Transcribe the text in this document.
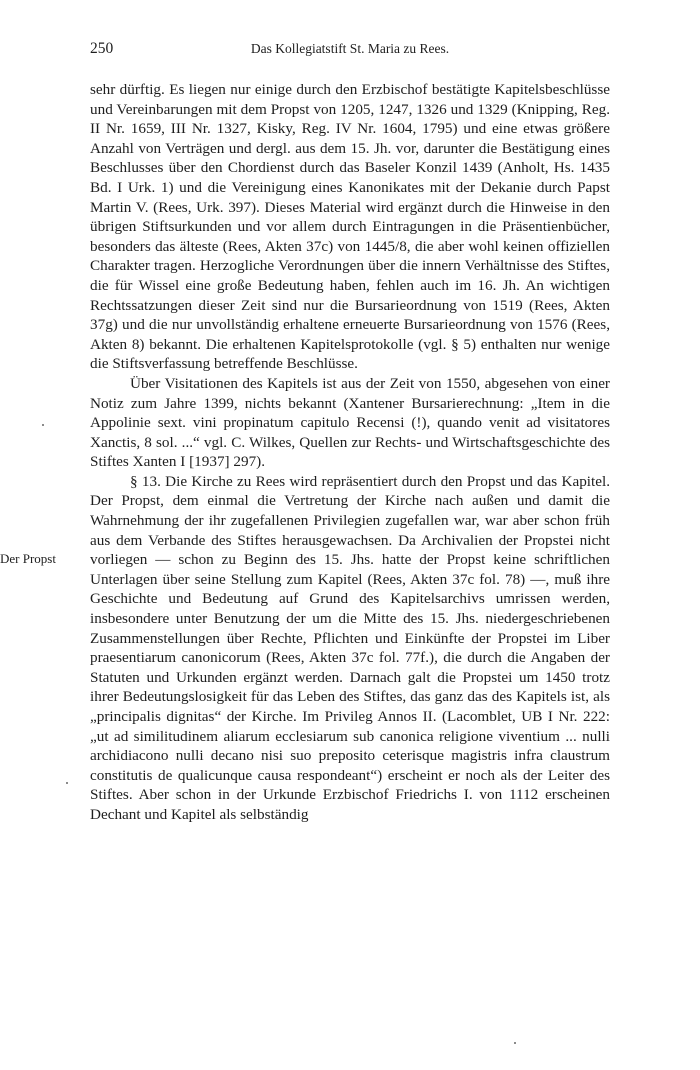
250	Das Kollegiatstift St. Maria zu Rees.
Der Propst

sehr dürftig. Es liegen nur einige durch den Erzbischof bestätigte Kapitelsbeschlüsse und Vereinbarungen mit dem Propst von 1205, 1247, 1326 und 1329 (Knipping, Reg. II Nr. 1659, III Nr. 1327, Kisky, Reg. IV Nr. 1604, 1795) und eine etwas größere Anzahl von Verträgen und dergl. aus dem 15. Jh. vor, darunter die Bestätigung eines Beschlusses über den Chordienst durch das Baseler Konzil 1439 (Anholt, Hs. 1435 Bd. I Urk. 1) und die Vereinigung eines Kanonikates mit der Dekanie durch Papst Martin V. (Rees, Urk. 397). Dieses Material wird ergänzt durch die Hinweise in den übrigen Stiftsurkunden und vor allem durch Eintragungen in die Präsentienbücher, besonders das älteste (Rees, Akten 37c) von 1445/8, die aber wohl keinen offiziellen Charakter tragen. Herzogliche Verordnungen über die innern Verhältnisse des Stiftes, die für Wissel eine große Bedeutung haben, fehlen auch im 16. Jh. An wichtigen Rechtssatzungen dieser Zeit sind nur die Bursarieordnung von 1519 (Rees, Akten 37g) und die nur unvollständig erhaltene erneuerte Bursarieordnung von 1576 (Rees, Akten 8) bekannt. Die erhaltenen Kapitelsprotokolle (vgl. § 5) enthalten nur wenige die Stiftsverfassung betreffende Beschlüsse.

Über Visitationen des Kapitels ist aus der Zeit von 1550, abgesehen von einer Notiz zum Jahre 1399, nichts bekannt (Xantener Bursarierechnung: „Item in die Appolinie sext. vini propinatum capitulo Recensi (!), quando venit ad visitatores Xanctis, 8 sol. ...“ vgl. C. Wilkes, Quellen zur Rechts- und Wirtschaftsgeschichte des Stiftes Xanten I [1937] 297).

§ 13. Die Kirche zu Rees wird repräsentiert durch den Propst und das Kapitel. Der Propst, dem einmal die Vertretung der Kirche nach außen und damit die Wahrnehmung der ihr zugefallenen Privilegien zugefallen war, war aber schon früh aus dem Verbande des Stiftes herausgewachsen. Da Archivalien der Propstei nicht vorliegen — schon zu Beginn des 15. Jhs. hatte der Propst keine schriftlichen Unterlagen über seine Stellung zum Kapitel (Rees, Akten 37c fol. 78) —, muß ihre Geschichte und Bedeutung auf Grund des Kapitelsarchivs umrissen werden, insbesondere unter Benutzung der um die Mitte des 15. Jhs. niedergeschriebenen Zusammenstellungen über Rechte, Pflichten und Einkünfte der Propstei im Liber praesentiarum canonicorum (Rees, Akten 37c fol. 77f.), die durch die Angaben der Statuten und Urkunden ergänzt werden. Darnach galt die Propstei um 1450 trotz ihrer Bedeutungslosigkeit für das Leben des Stiftes, das ganz das des Kapitels ist, als „principalis dignitas“ der Kirche. Im Privileg Annos II. (Lacomblet, UB I Nr. 222: „ut ad similitudinem aliarum ecclesiarum sub canonica religione viventium ... nulli archidiacono nulli decano nisi suo preposito ceterisque magistris infra claustrum constitutis de qualicunque causa respondeant“) erscheint er noch als der Leiter des Stiftes. Aber schon in der Urkunde Erzbischof Friedrichs I. von 1112 erscheinen Dechant und Kapitel als selbständig
